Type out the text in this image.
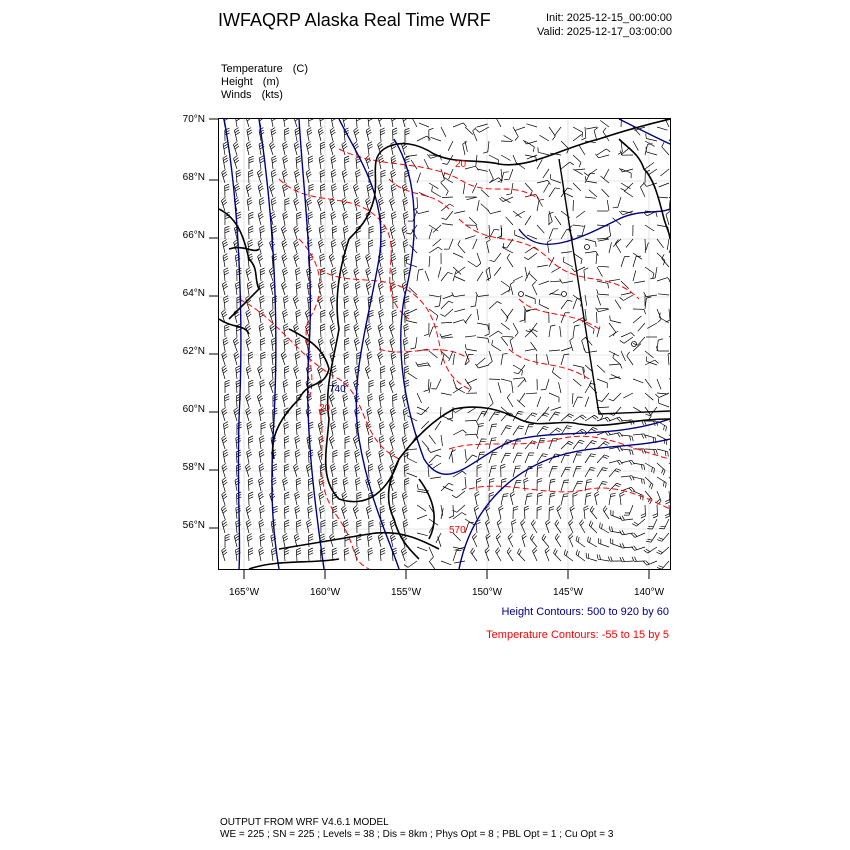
IWFAQRP Alaska Real Time WRF	Init: 2025-12-15_00:00:00
Valid: 2025-12-17_03:00:00
Temperature (C)
Height (m)
Winds (kts)
20
740
20
570
70°N
68°N
66°N
64°N
62°N
60°N
58°N
56°N
165°W	160°W	155°W	150°W	145°W	140°W
Height Contours: 500 to 920 by 60
Temperature Contours: -55 to 15 by 5
OUTPUT FROM WRF V4.6.1 MODEL
WE = 225 ; SN = 225 ; Levels = 38 ; Dis = 8km ; Phys Opt = 8 ; PBL Opt = 1 ; Cu Opt = 3
